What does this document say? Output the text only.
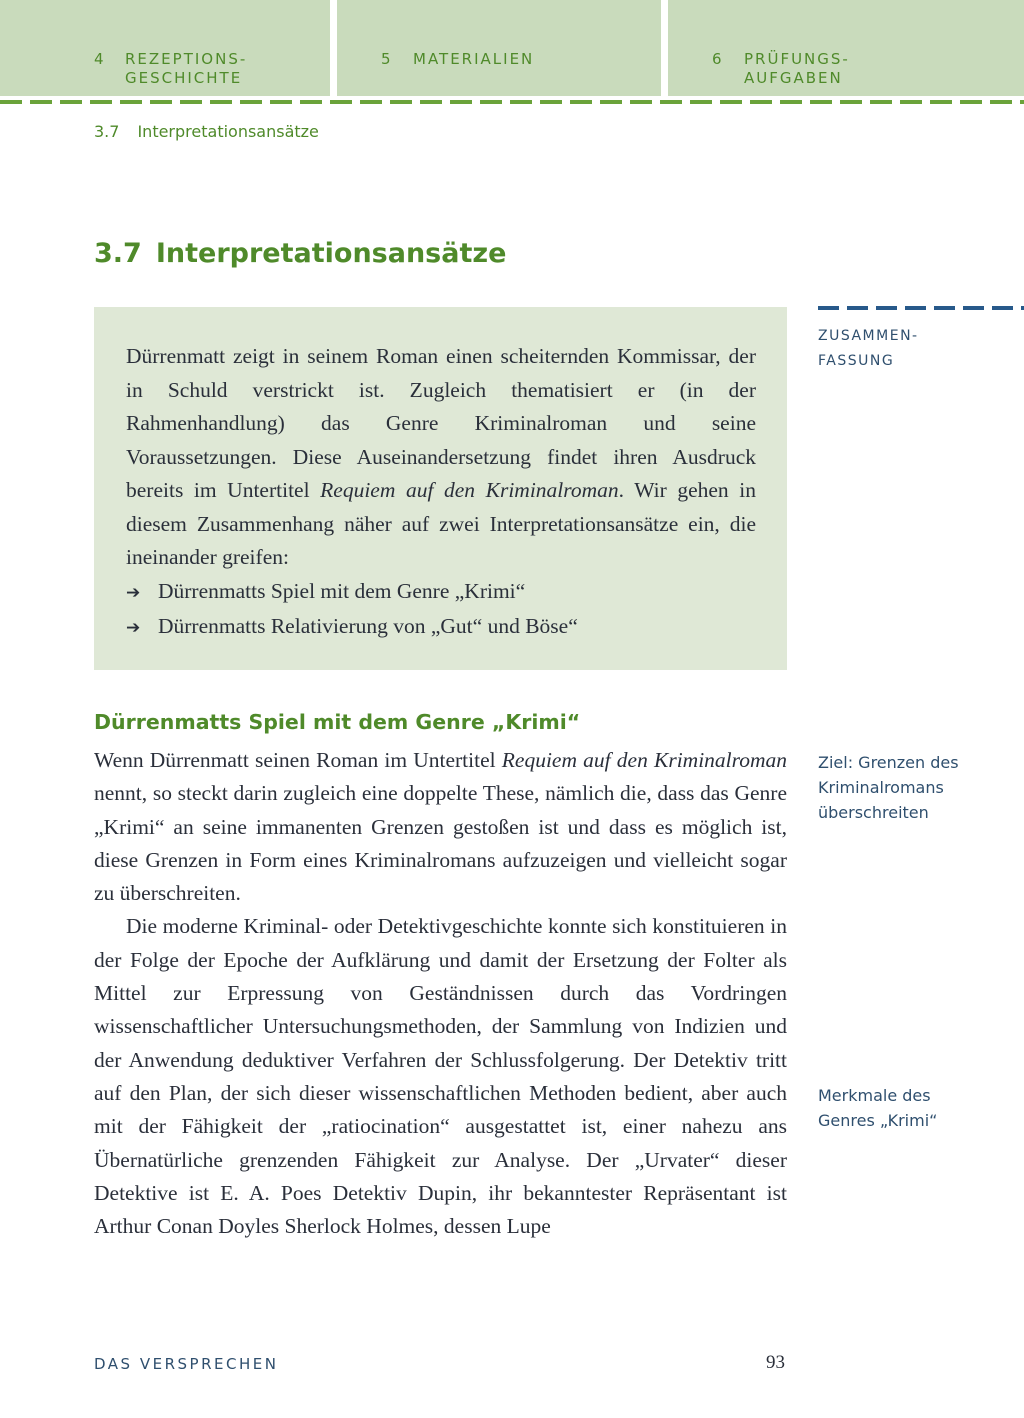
4 REZEPTIONS-
GESCHICHTE
5 MATERIALIEN	6 PRÜFUNGS-
AUFGABEN
3.7 Interpretationsansätze
3.7 Interpretationsansätze
ZUSAMMEN-
FASSUNG
Dürrenmatt zeigt in seinem Roman einen scheiternden Kommissar, der in Schuld verstrickt ist. Zugleich thematisiert er (in der Rahmenhandlung) das Genre Kriminalroman und seine Voraussetzungen. Diese Auseinandersetzung findet ihren Ausdruck bereits im Untertitel Requiem auf den Kriminalroman. Wir gehen in diesem Zusammenhang näher auf zwei Interpretationsansätze ein, die ineinander greifen:
➔ Dürrenmatts Spiel mit dem Genre „Krimi“
➔ Dürrenmatts Relativierung von „Gut“ und Böse“
Dürrenmatts Spiel mit dem Genre „Krimi“

Wenn Dürrenmatt seinen Roman im Untertitel Requiem auf den Kriminalroman nennt, so steckt darin zugleich eine doppelte These, nämlich die, dass das Genre „Krimi“ an seine immanenten Grenzen gestoßen ist und dass es möglich ist, diese Grenzen in Form eines Kriminalromans aufzuzeigen und vielleicht sogar zu überschreiten.

Die moderne Kriminal- oder Detektivgeschichte konnte sich konstituieren in der Folge der Epoche der Aufklärung und damit der Ersetzung der Folter als Mittel zur Erpressung von Geständnissen durch das Vordringen wissenschaftlicher Untersuchungsmethoden, der Sammlung von Indizien und der Anwendung deduktiver Verfahren der Schlussfolgerung. Der Detektiv tritt auf den Plan, der sich dieser wissenschaftlichen Methoden bedient, aber auch mit der Fähigkeit der „ratiocination“ ausgestattet ist, einer nahezu ans Übernatürliche grenzenden Fähigkeit zur Analyse. Der „Urvater“ dieser Detektive ist E. A. Poes Detektiv Dupin, ihr bekanntester Repräsentant ist Arthur Conan Doyles Sherlock Holmes, dessen Lupe

Ziel: Grenzen des
Kriminalromans
überschreiten
Merkmale des
Genres „Krimi“
DAS VERSPRECHEN	93
